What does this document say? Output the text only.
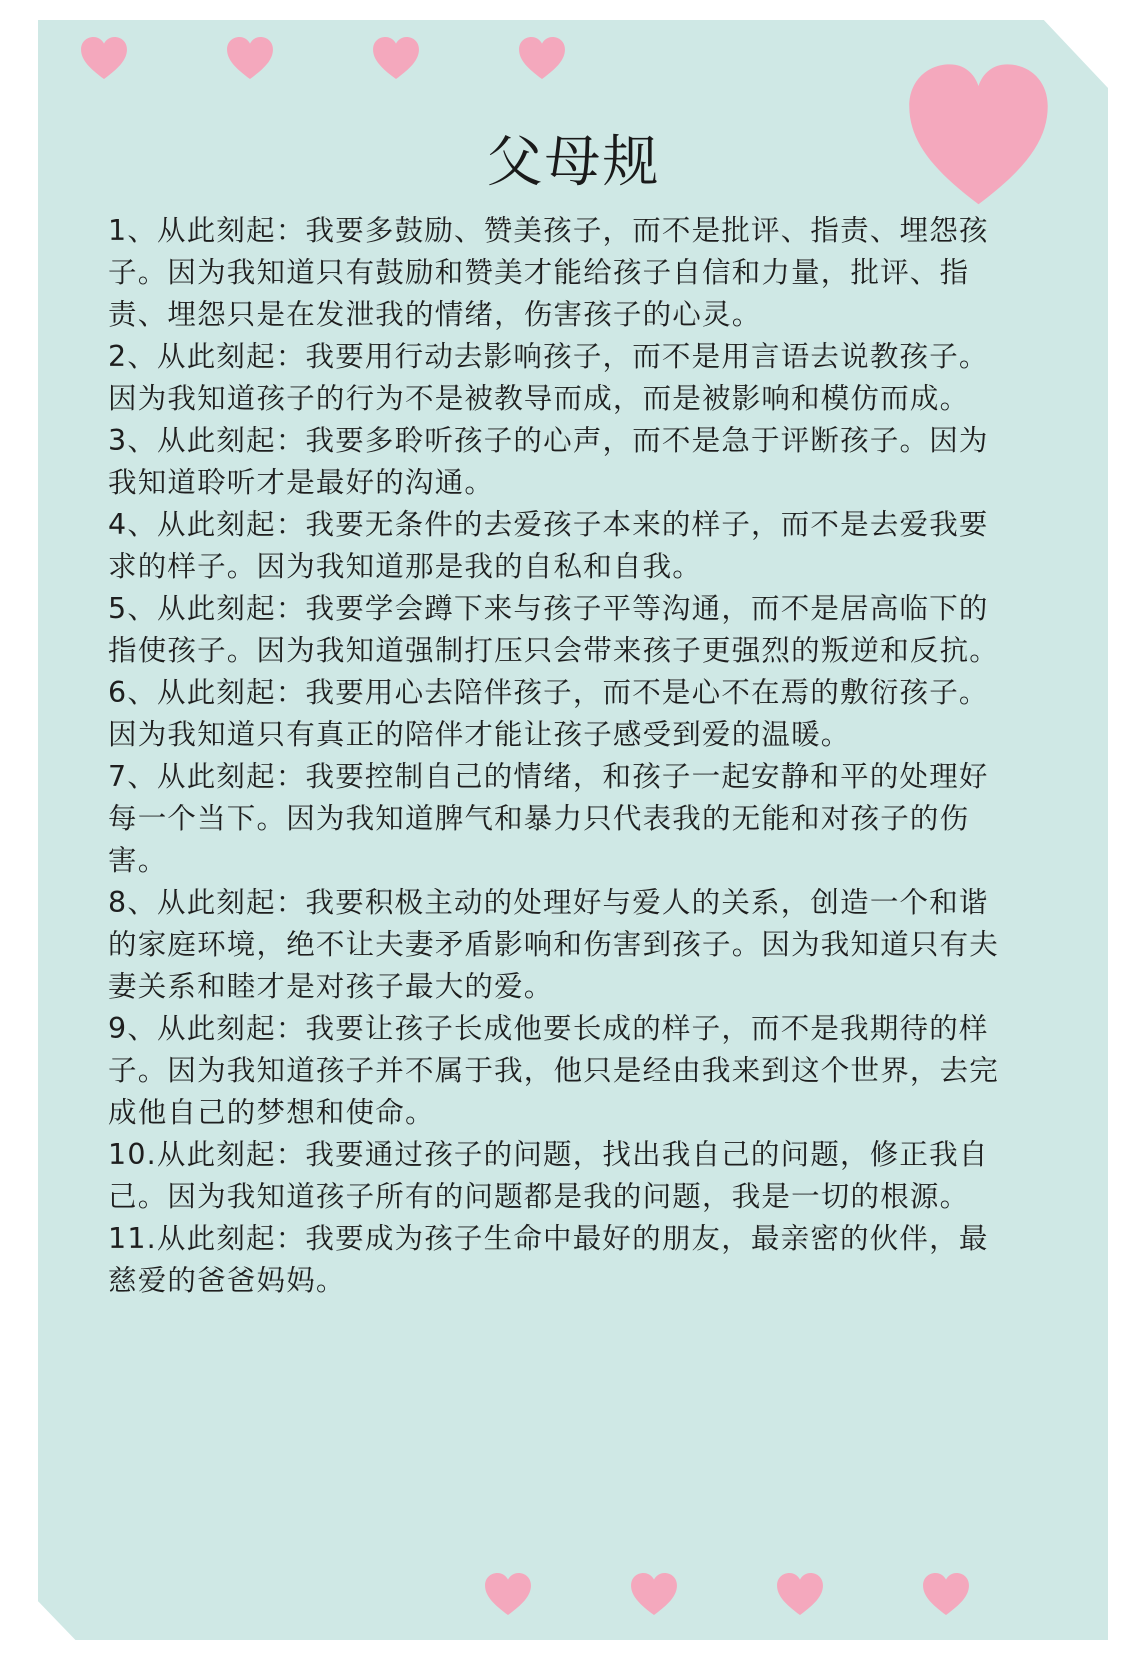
父母规
1、从此刻起：我要多鼓励、赞美孩子，而不是批评、指责、埋怨孩子。因为我知道只有鼓励和赞美才能给孩子自信和力量，批评、指责、埋怨只是在发泄我的情绪，伤害孩子的心灵。
2、从此刻起：我要用行动去影响孩子，而不是用言语去说教孩子。因为我知道孩子的行为不是被教导而成，而是被影响和模仿而成。
3、从此刻起：我要多聆听孩子的心声，而不是急于评断孩子。因为我知道聆听才是最好的沟通。
4、从此刻起：我要无条件的去爱孩子本来的样子，而不是去爱我要求的样子。因为我知道那是我的自私和自我。
5、从此刻起：我要学会蹲下来与孩子平等沟通，而不是居高临下的指使孩子。因为我知道强制打压只会带来孩子更强烈的叛逆和反抗。
6、从此刻起：我要用心去陪伴孩子，而不是心不在焉的敷衍孩子。因为我知道只有真正的陪伴才能让孩子感受到爱的温暖。
7、从此刻起：我要控制自己的情绪，和孩子一起安静和平的处理好每一个当下。因为我知道脾气和暴力只代表我的无能和对孩子的伤害。
8、从此刻起：我要积极主动的处理好与爱人的关系，创造一个和谐的家庭环境，绝不让夫妻矛盾影响和伤害到孩子。因为我知道只有夫妻关系和睦才是对孩子最大的爱。
9、从此刻起：我要让孩子长成他要长成的样子，而不是我期待的样子。因为我知道孩子并不属于我，他只是经由我来到这个世界，去完成他自己的梦想和使命。
10.从此刻起：我要通过孩子的问题，找出我自己的问题，修正我自己。因为我知道孩子所有的问题都是我的问题，我是一切的根源。
11.从此刻起：我要成为孩子生命中最好的朋友，最亲密的伙伴，最慈爱的爸爸妈妈。
